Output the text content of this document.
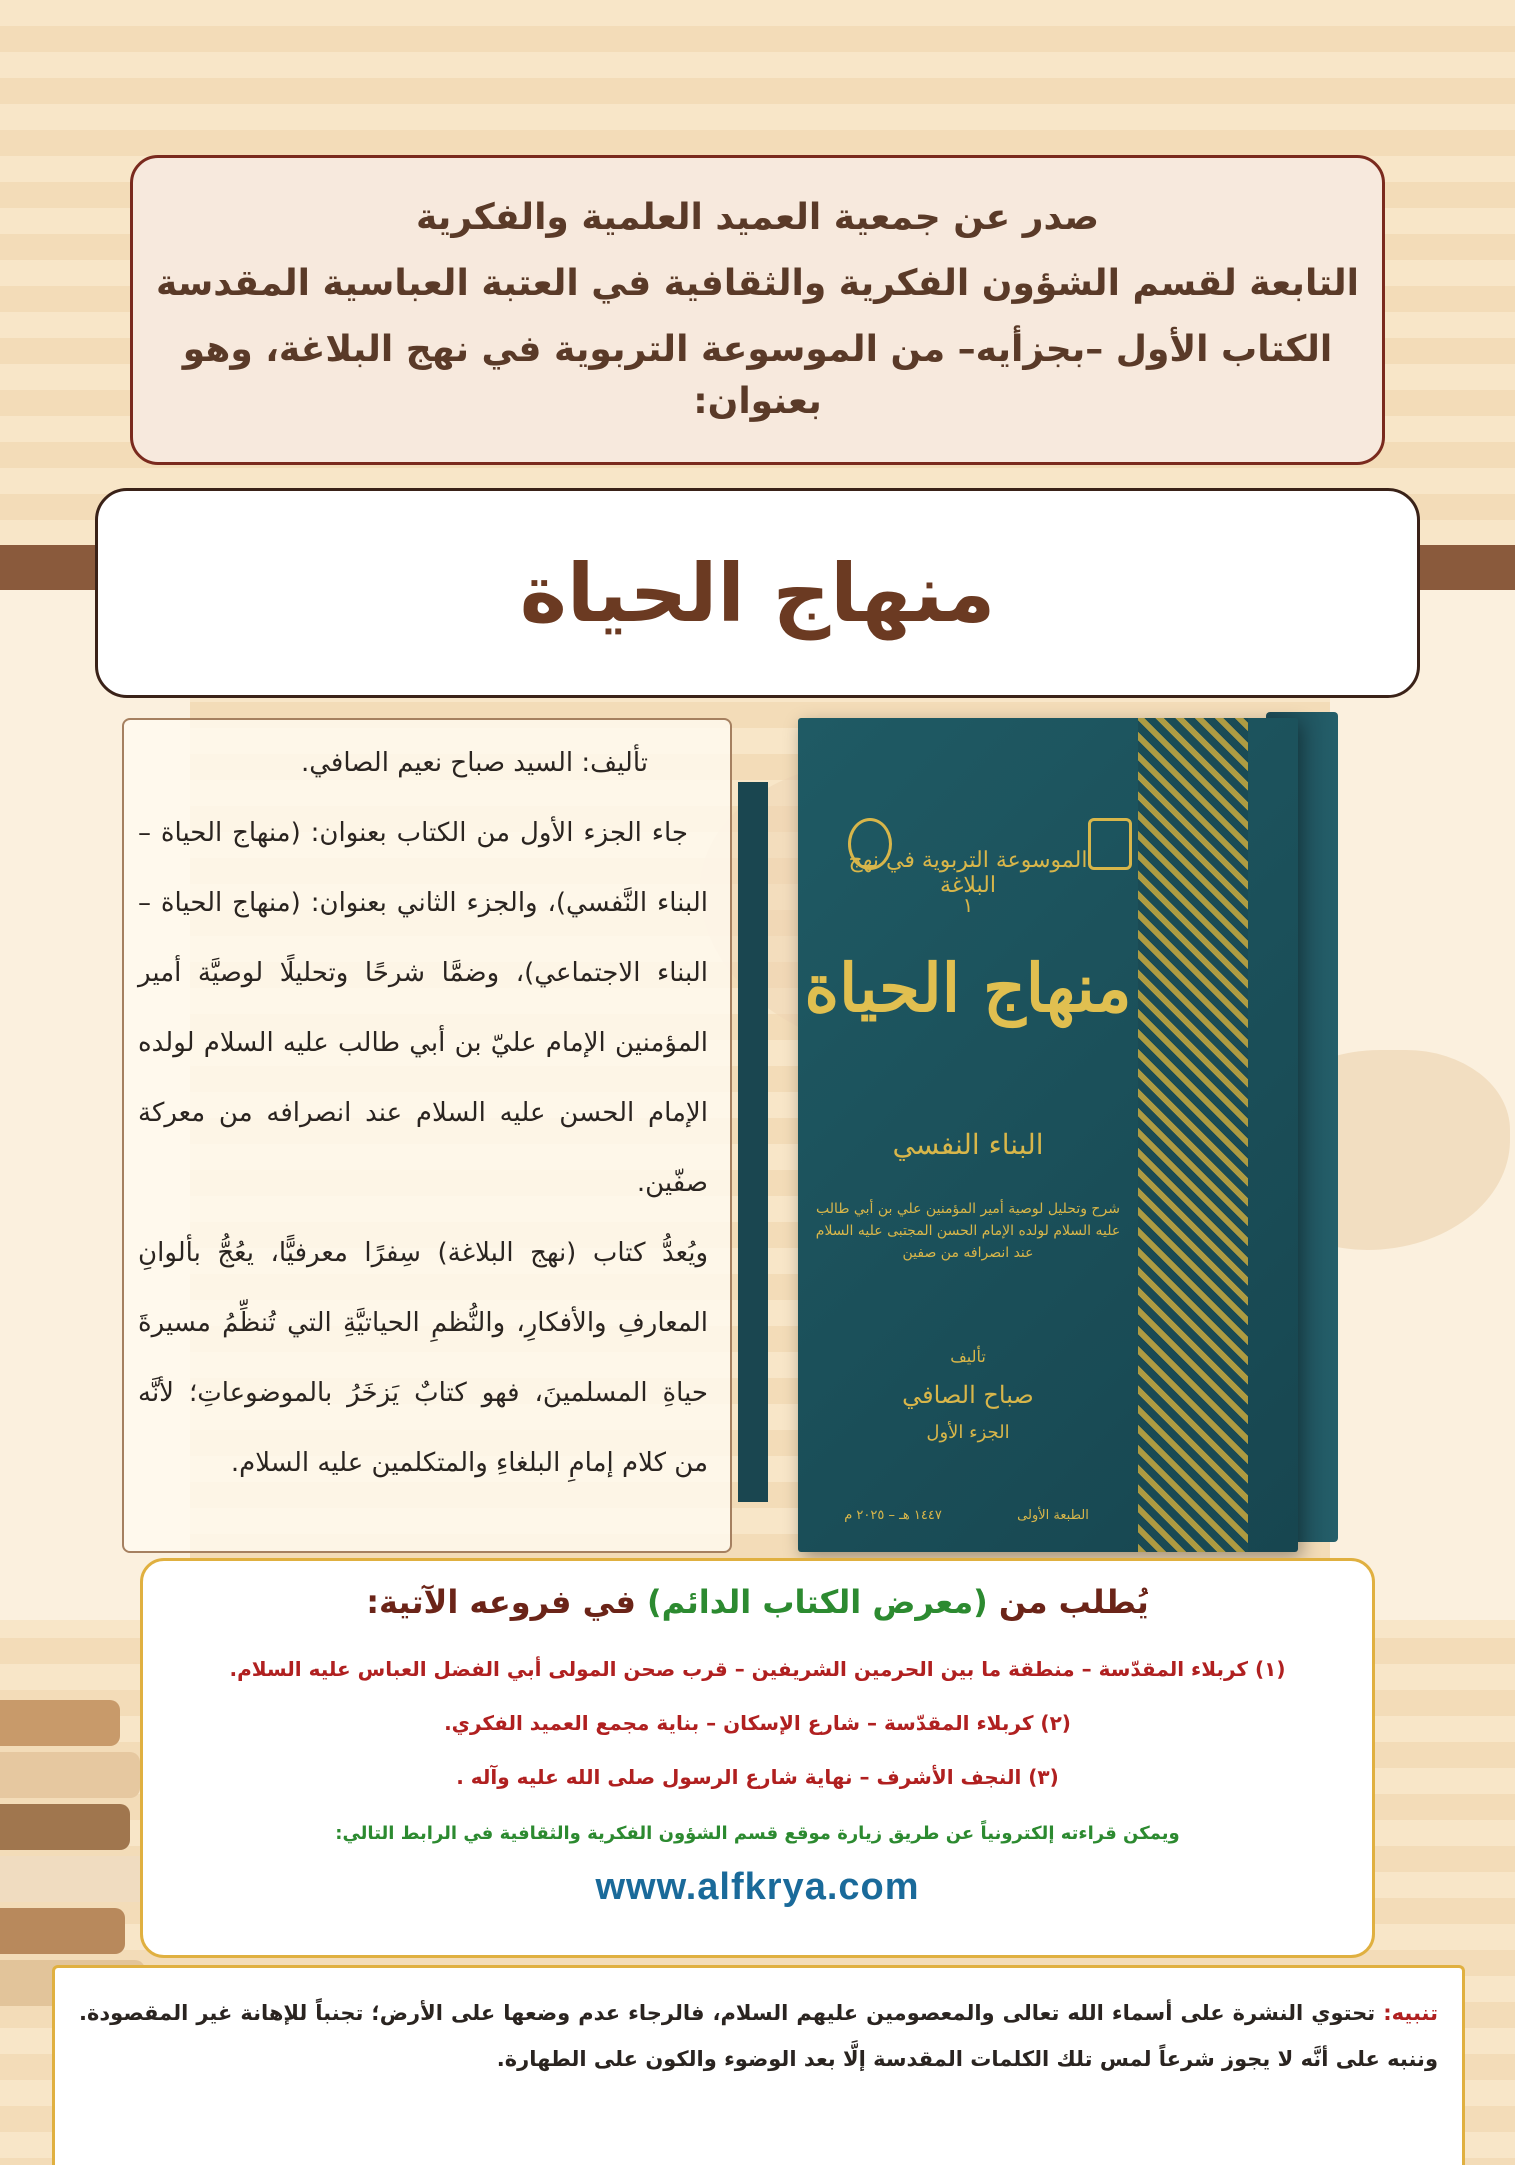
صدر عن جمعية العميد العلمية والفكرية
التابعة لقسم الشؤون الفكرية والثقافية في العتبة العباسية المقدسة
الكتاب الأول –بجزأيه– من الموسوعة التربوية في نهج البلاغة، وهو بعنوان:
منهاج الحياة

تأليف: السيد صباح نعيم الصافي.

جاء الجزء الأول من الكتاب بعنوان: (منهاج الحياة – البناء النَّفسي)، والجزء الثاني بعنوان: (منهاج الحياة – البناء الاجتماعي)، وضمَّا شرحًا وتحليلًا لوصيَّة أمير المؤمنين الإمام عليّ بن أبي طالب عليه السلام لولده الإمام الحسن عليه السلام عند انصرافه من معركة صفّين.

ويُعدُّ كتاب (نهج البلاغة) سِفرًا معرفيًّا، يعُجُّ بألوانِ المعارفِ والأفكارِ، والنُّظمِ الحياتيَّةِ التي تُنظِّمُ مسيرةَ حياةِ المسلمينَ، فهو كتابٌ يَزخَرُ بالموضوعاتِ؛ لأنَّه من كلام إمامِ البلغاءِ والمتكلمين عليه السلام.

الموسوعة التربوية في نهج البلاغة
١
منهاج الحياة
البناء النفسي
شرح وتحليل لوصية أمير المؤمنين علي بن أبي طالب عليه السلام لولده الإمام الحسن المجتبى عليه السلام عند انصرافه من صفين
تأليف
صباح الصافي
الجزء الأول
الطبعة الأولى
١٤٤٧ هـ – ٢٠٢٥ م
يُطلب من (معرض الكتاب الدائم) في فروعه الآتية:
(١) كربلاء المقدّسة – منطقة ما بين الحرمين الشريفين – قرب صحن المولى أبي الفضل العباس عليه السلام.
(٢) كربلاء المقدّسة – شارع الإسكان – بناية مجمع العميد الفكري.
(٣) النجف الأشرف – نهاية شارع الرسول صلى الله عليه وآله .
ويمكن قراءته إلكترونياً عن طريق زيارة موقع قسم الشؤون الفكرية والثقافية في الرابط التالي:
www.alfkrya.com
تنبيه: تحتوي النشرة على أسماء الله تعالى والمعصومين عليهم السلام، فالرجاء عدم وضعها على الأرض؛ تجنباً للإهانة غير المقصودة. وننبه على أنَّه لا يجوز شرعاً لمس تلك الكلمات المقدسة إلَّا بعد الوضوء والكون على الطهارة.
